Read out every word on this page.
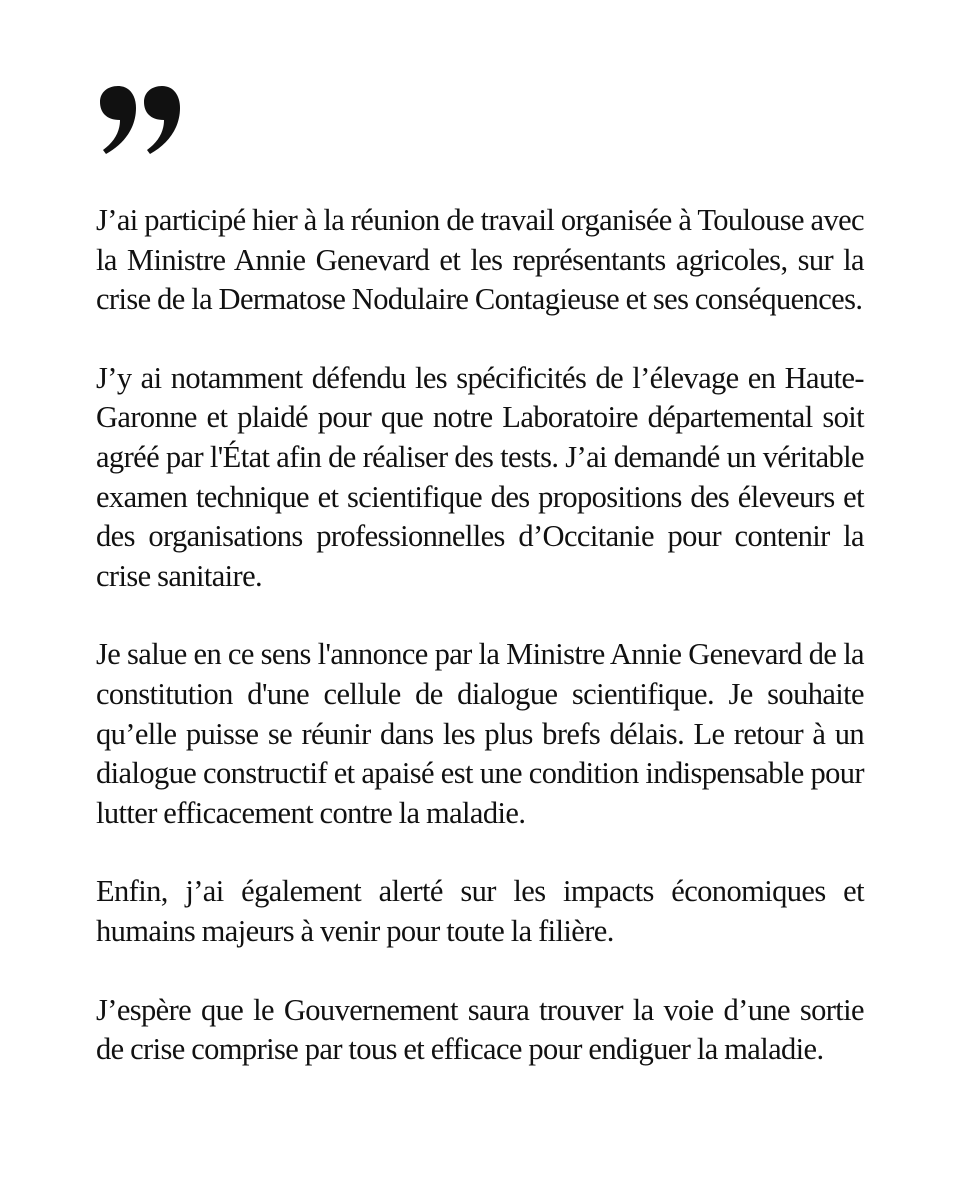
J’ai participé hier à la réunion de travail organisée à Toulouse avec la Ministre Annie Genevard et les représentants agricoles, sur la crise de la Dermatose Nodulaire Contagieuse et ses conséquences.

J’y ai notamment défendu les spécificités de l’élevage en Haute-Garonne et plaidé pour que notre Laboratoire départemental soit agréé par l'État afin de réaliser des tests. J’ai demandé un véritable examen technique et scientifique des propositions des éleveurs et des organisations professionnelles d’Occitanie pour contenir la crise sanitaire.

Je salue en ce sens l'annonce par la Ministre Annie Genevard de la constitution d'une cellule de dialogue scientifique. Je souhaite qu’elle puisse se réunir dans les plus brefs délais. Le retour à un dialogue constructif et apaisé est une condition indispensable pour lutter efficacement contre la maladie.

Enfin, j’ai également alerté sur les impacts économiques et humains majeurs à venir pour toute la filière.

J’espère que le Gouvernement saura trouver la voie d’une sortie de crise comprise par tous et efficace pour endiguer la maladie.
